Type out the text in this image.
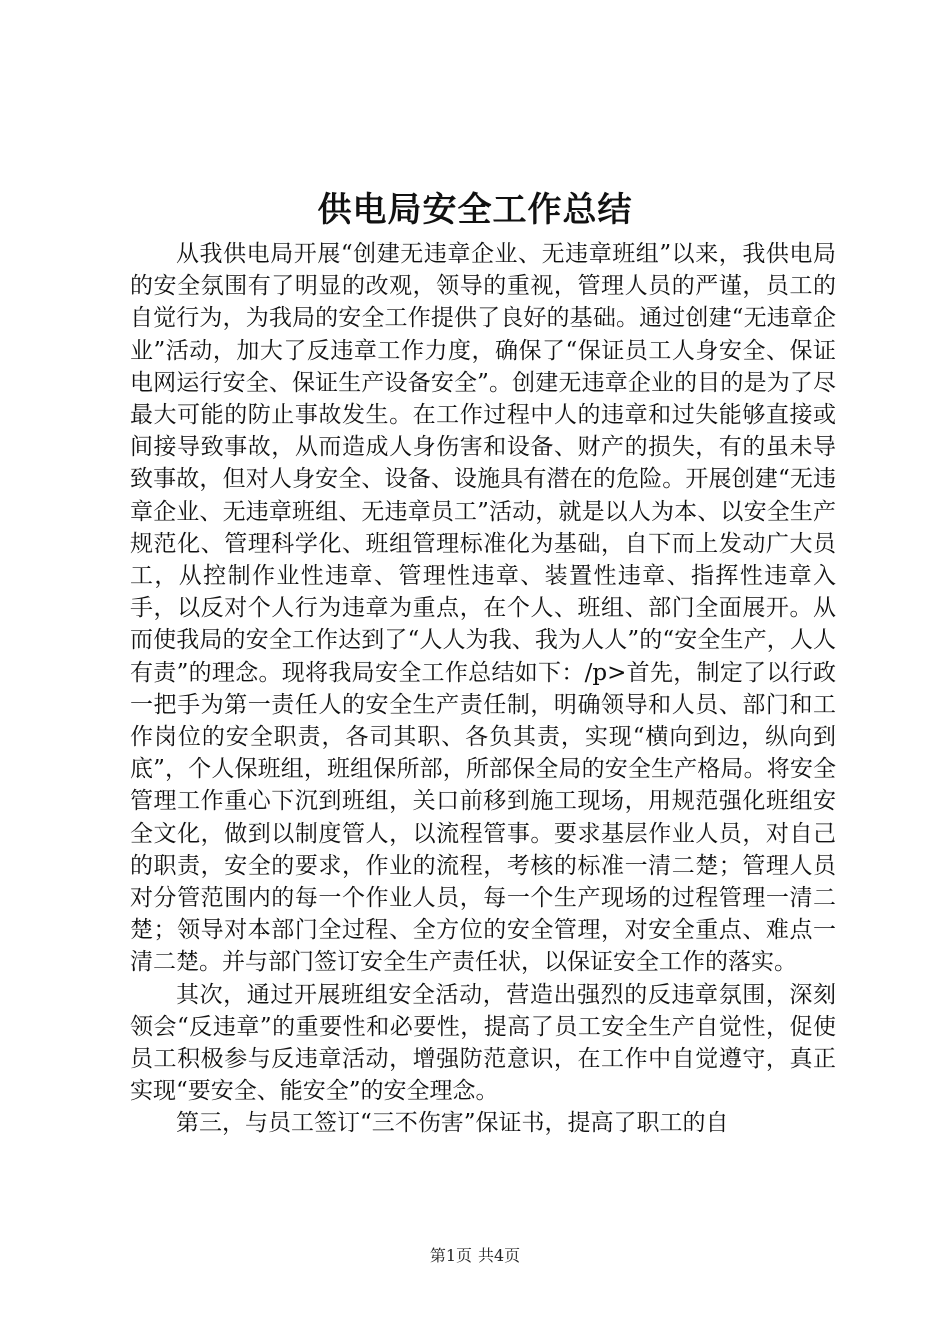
供电局安全工作总结

从我供电局开展“创建无违章企业、无违章班组”以来，我供电局的安全氛围有了明显的改观，领导的重视，管理人员的严谨，员工的自觉行为，为我局的安全工作提供了良好的基础。通过创建“无违章企业”活动，加大了反违章工作力度，确保了“保证员工人身安全、保证电网运行安全、保证生产设备安全”。创建无违章企业的目的是为了尽最大可能的防止事故发生。在工作过程中人的违章和过失能够直接或间接导致事故，从而造成人身伤害和设备、财产的损失，有的虽未导致事故，但对人身安全、设备、设施具有潜在的危险。开展创建“无违章企业、无违章班组、无违章员工”活动，就是以人为本、以安全生产规范化、管理科学化、班组管理标准化为基础，自下而上发动广大员工，从控制作业性违章、管理性违章、装置性违章、指挥性违章入手，以反对个人行为违章为重点，在个人、班组、部门全面展开。从而使我局的安全工作达到了“人人为我、我为人人”的“安全生产，人人有责”的理念。现将我局安全工作总结如下：/p>首先，制定了以行政一把手为第一责任人的安全生产责任制，明确领导和人员、部门和工作岗位的安全职责，各司其职、各负其责，实现“横向到边，纵向到底”，个人保班组，班组保所部，所部保全局的安全生产格局。将安全管理工作重心下沉到班组，关口前移到施工现场，用规范强化班组安全文化，做到以制度管人，以流程管事。要求基层作业人员，对自己的职责，安全的要求，作业的流程，考核的标准一清二楚；管理人员对分管范围内的每一个作业人员，每一个生产现场的过程管理一清二楚；领导对本部门全过程、全方位的安全管理，对安全重点、难点一清二楚。并与部门签订安全生产责任状，以保证安全工作的落实。

其次，通过开展班组安全活动，营造出强烈的反违章氛围，深刻领会“反违章”的重要性和必要性，提高了员工安全生产自觉性，促使员工积极参与反违章活动，增强防范意识，在工作中自觉遵守，真正实现“要安全、能安全”的安全理念。

第三，与员工签订“三不伤害”保证书，提高了职工的自

第1页 共4页
